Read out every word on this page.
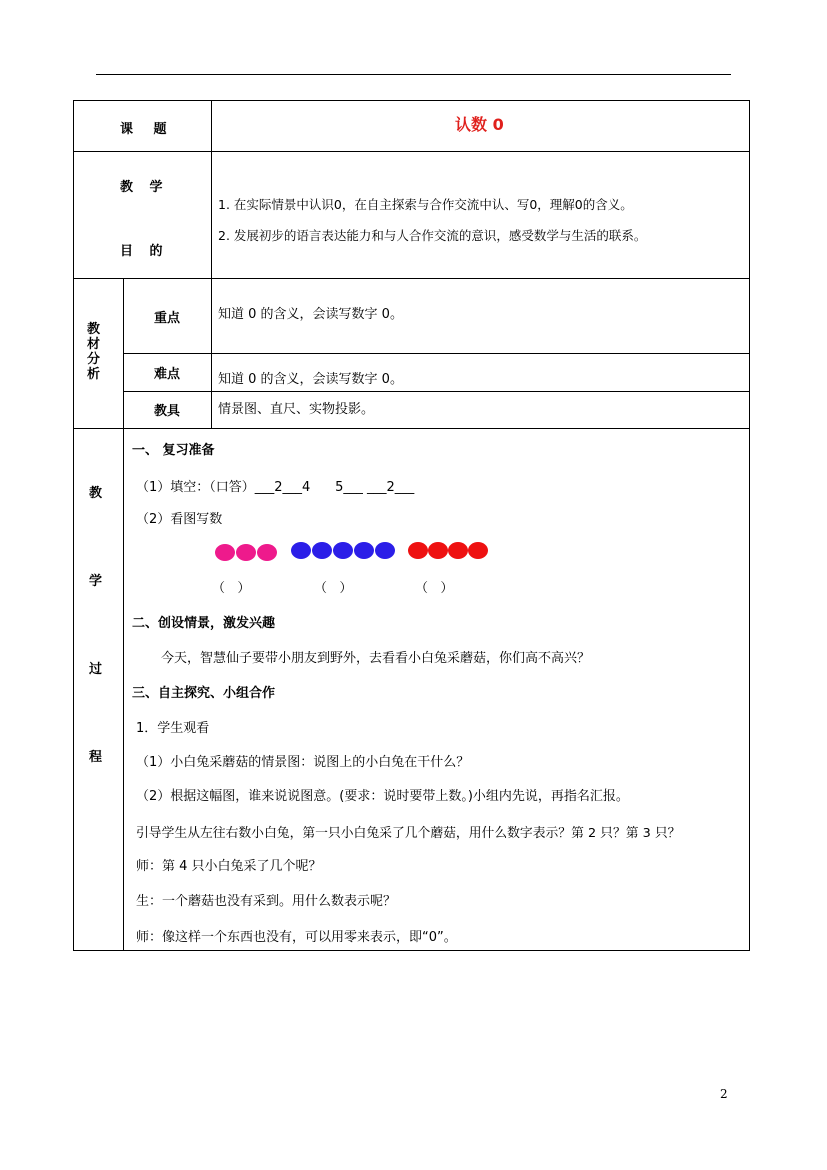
课 题	认数 0
教 学
目 的
1. 在实际情景中认识0，在自主探索与合作交流中认、写0，理解0的含义。
2. 发展初步的语言表达能力和与人合作交流的意识，感受数学与生活的联系。
教材分析
重点	知道 0 的含义，会读写数字 0。
难点	知道 0 的含义，会读写数字 0。
教具	情景图、直尺、实物投影。
教
学
过
程
一、 复习准备
（1）填空：（口答）___2___4      5___ ___2___
（2）看图写数
（   ）	（   ）	（   ）
二、创设情景，激发兴趣
今天，智慧仙子要带小朋友到野外，去看看小白兔采蘑菇，你们高不高兴？
三、自主探究、小组合作
1．学生观看
（1）小白兔采蘑菇的情景图：说图上的小白兔在干什么？
（2）根据这幅图，谁来说说图意。(要求：说时要带上数。)小组内先说，再指名汇报。
引导学生从左往右数小白兔，第一只小白兔采了几个蘑菇，用什么数字表示？第 2 只？第 3 只？
师：第 4 只小白兔采了几个呢？
生：一个蘑菇也没有采到。用什么数表示呢？
师：像这样一个东西也没有，可以用零来表示，即“0”。
2
